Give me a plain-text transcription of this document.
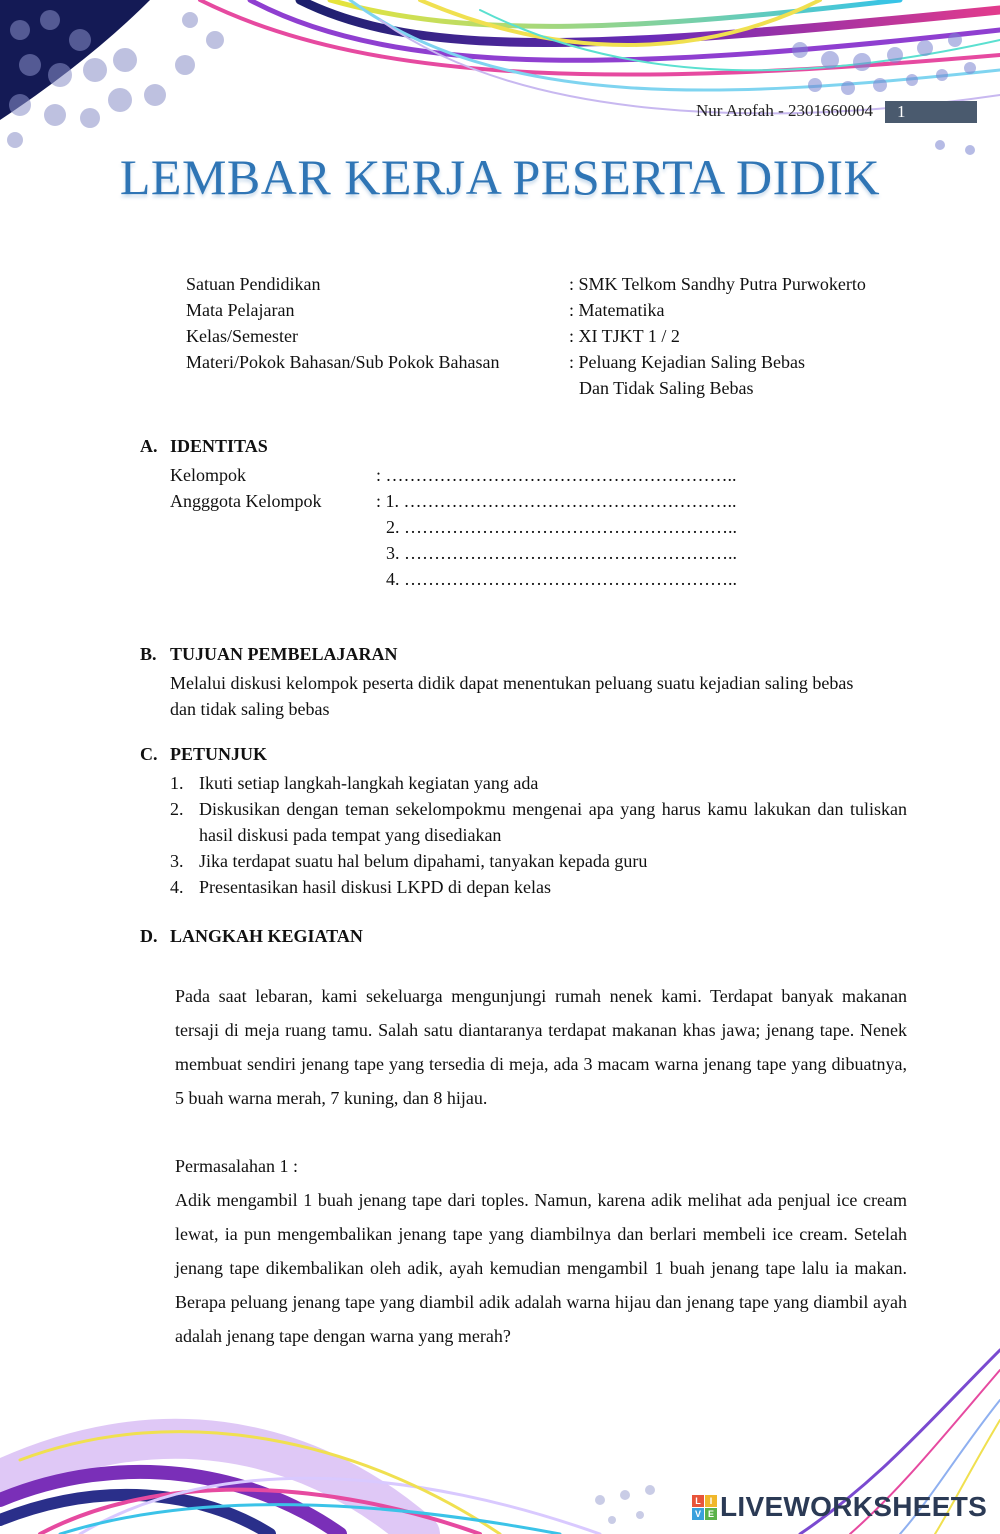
Nur Arofah - 2301660004	1
LEMBAR KERJA PESERTA DIDIK
Satuan Pendidikan	: SMK Telkom Sandhy Putra Purwokerto
Mata Pelajaran	: Matematika
Kelas/Semester	: XI TJKT 1 / 2
Materi/Pokok Bahasan/Sub Pokok Bahasan	: Peluang Kejadian Saling Bebas
Dan Tidak Saling Bebas
A. IDENTITAS
Kelompok	: …………………………………………………..
Angggota Kelompok	: 1. ………………………………………………..
2. ………………………………………………..
3. ………………………………………………..
4. ………………………………………………..
B. TUJUAN PEMBELAJARAN
Melalui diskusi kelompok peserta didik dapat menentukan peluang suatu kejadian saling bebas dan tidak saling bebas
C. PETUNJUK
1. Ikuti setiap langkah-langkah kegiatan yang ada
2. Diskusikan dengan teman sekelompokmu mengenai apa yang harus kamu lakukan dan tuliskan hasil diskusi pada tempat yang disediakan
3. Jika terdapat suatu hal belum dipahami, tanyakan kepada guru
4. Presentasikan hasil diskusi LKPD di depan kelas
D. LANGKAH KEGIATAN
Pada saat lebaran, kami sekeluarga mengunjungi rumah nenek kami. Terdapat banyak makanan tersaji di meja ruang tamu. Salah satu diantaranya terdapat makanan khas jawa; jenang tape. Nenek membuat sendiri jenang tape yang tersedia di meja, ada 3 macam warna jenang tape yang dibuatnya, 5 buah warna merah, 7 kuning, dan 8 hijau.
Permasalahan 1 :
Adik mengambil 1 buah jenang tape dari toples. Namun, karena adik melihat ada penjual ice cream lewat, ia pun mengembalikan jenang tape yang diambilnya dan berlari membeli ice cream. Setelah jenang tape dikembalikan oleh adik, ayah kemudian mengambil 1 buah jenang tape lalu ia makan. Berapa peluang jenang tape yang diambil adik adalah warna hijau dan jenang tape yang diambil ayah adalah jenang tape dengan warna yang merah?
L I
V E LIVEWORKSHEETS
